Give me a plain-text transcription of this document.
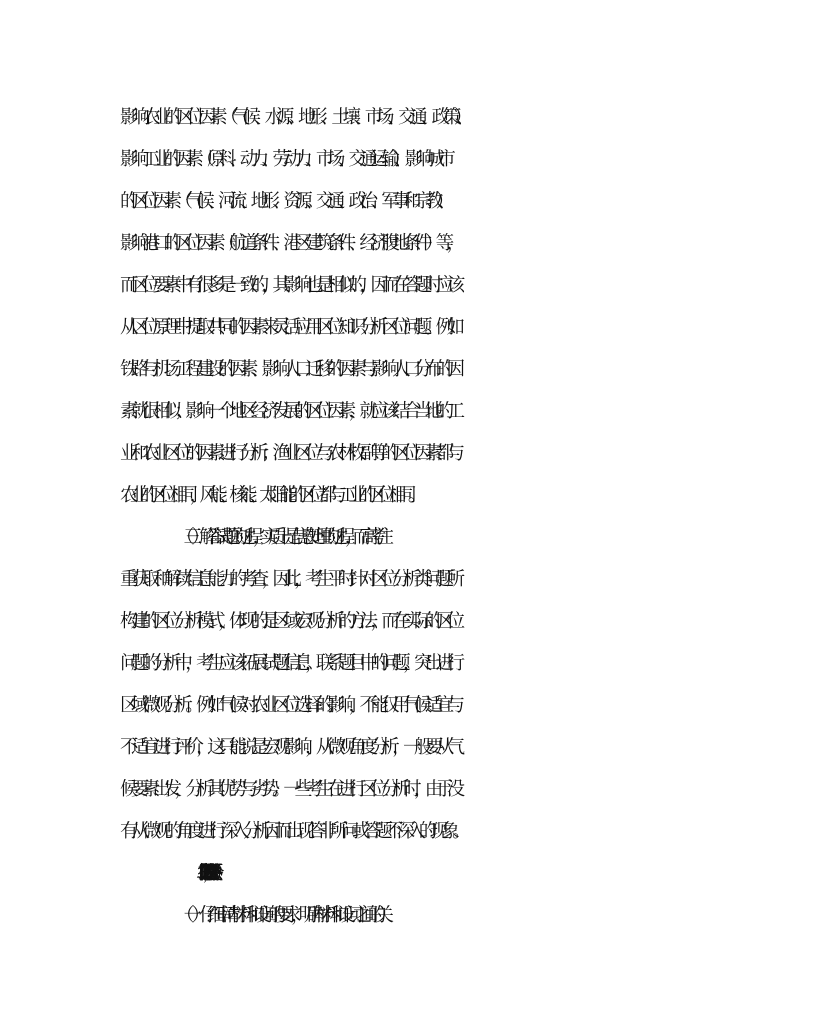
影响农业的区位因素（气候、水源、地形、土壤、市场、交通、政策）、
影响工业的因素（原料、动力、劳动力、市场、交通运输）、影响城市
的区位因素（气候、河流、地形、资源、交通、政治、军事和宗教）、
影响港口的区位因素（航道条件、港区建筑条件、经济腹地条件）等，
而区位要素中有很多是一致的，其影响也是相似的，因而在答题时应该
从区位原理中提取共同的因素来灵活应用区位知识分析区位问题。例如
铁路与机场工程建设的因素、影响人口迁移的因素与影响人口分布的因
素就很相似；影响一个地区经济发展的区位因素，就应该结合当地的工
业和农业区位的因素进行分析；渔业区位与农林牧副等的区位因素都与
农业的区位相同，风能、核能、太阳能的区位都与工业的区位相同。
（三）解答试题的过程，实质上是信息处理的过程，而高考注
重获取和解读信息能力的考查，因此，考生平时针对区位分析类问题所
构建的区位分析模式，体现的是区域宏观分析的方法，而在实际的区位
问题的分析中，考生应该拓展试题信息，联系题目中的问题，突出进行
区域微观分析。例如气候对农业区位选择的影响，不能仅用气候适宜与
不适宜进行评价，这只能说是宏观影响，从微观角度分析，一般要从气
候要素出发，分析其优势与劣势。一些考生在进行区位分析时，由于没
有从微观的角度进行深入分析,因而出现答非所问或答题不深入的现象。
二、掌握区位问题的一般思路，避免不必要丢分。
（一）仔细审清材料和设问的要求，明确材料和设问之间的关
